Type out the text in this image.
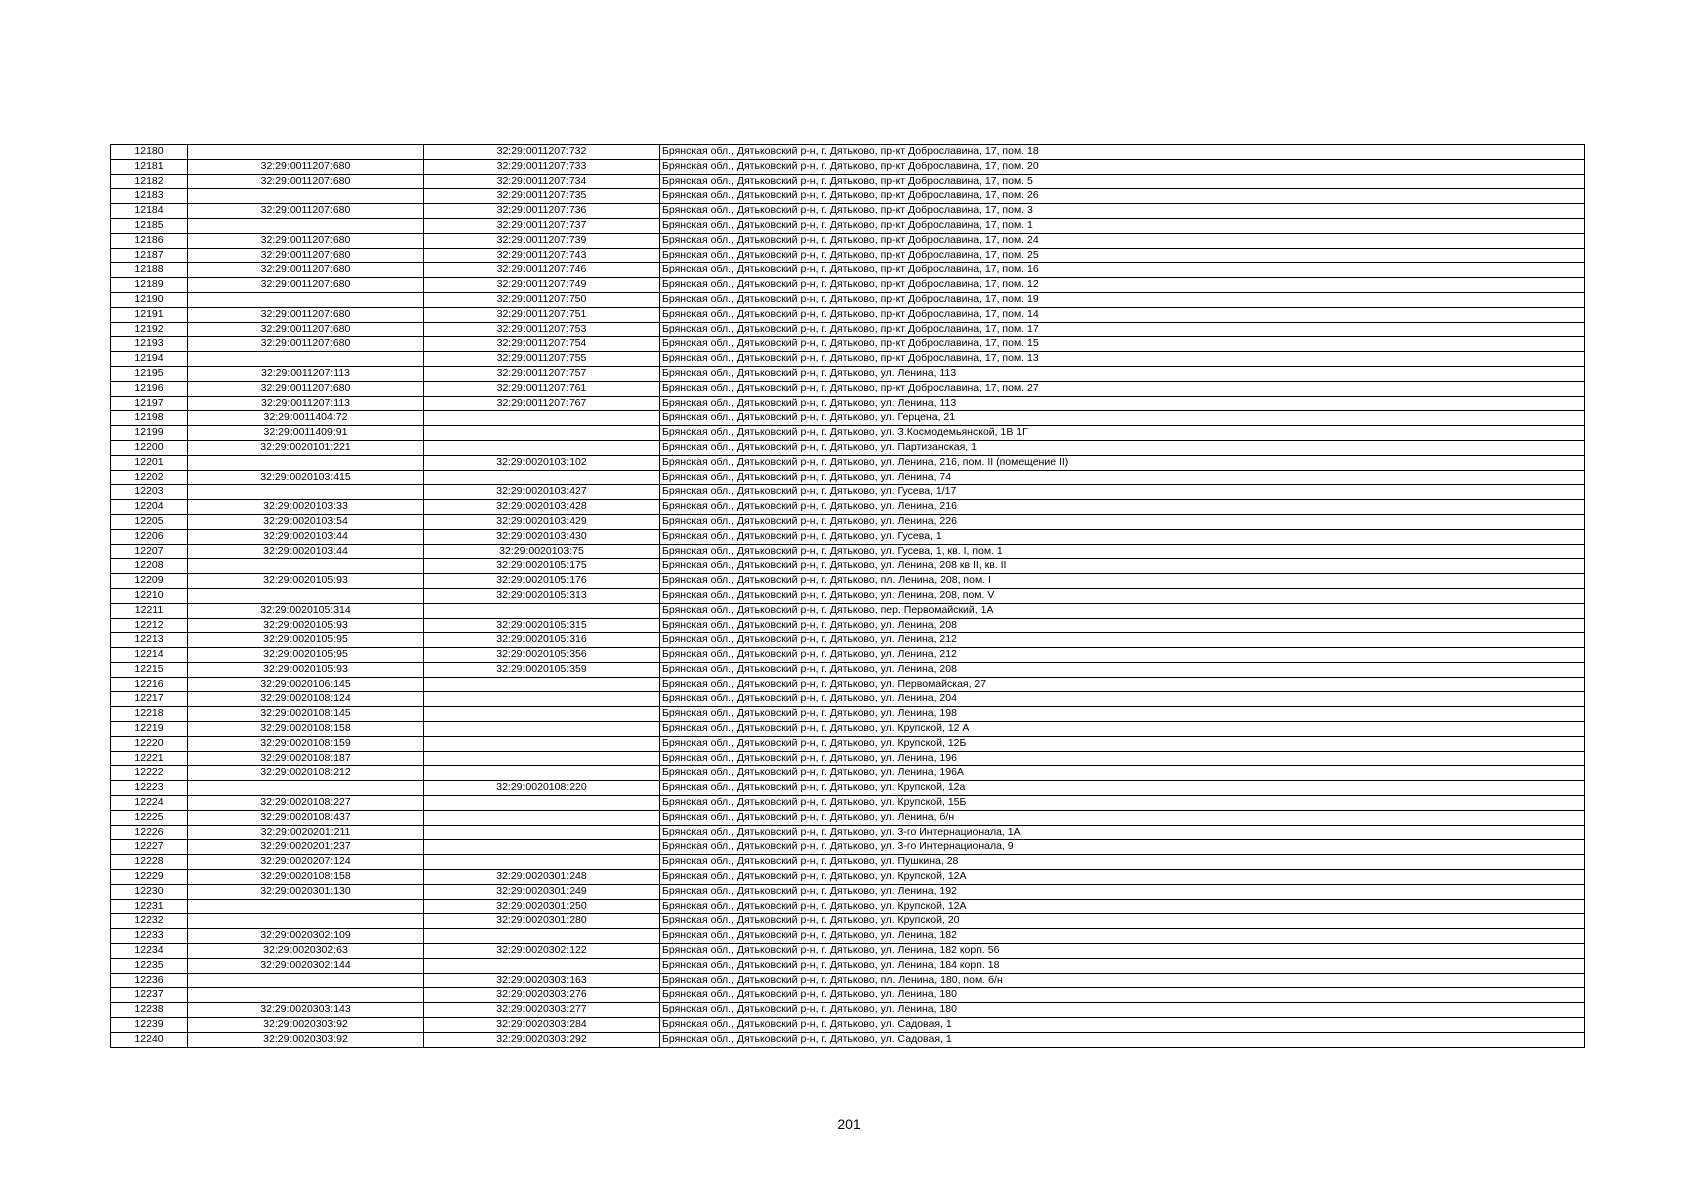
12180		32:29:0011207:732	Брянская обл., Дятьковский р-н, г. Дятьково, пр-кт Доброславина, 17, пом. 18
12181	32:29:0011207:680	32:29:0011207:733	Брянская обл., Дятьковский р-н, г. Дятьково, пр-кт Доброславина, 17, пом. 20
12182	32:29:0011207:680	32:29:0011207:734	Брянская обл., Дятьковский р-н, г. Дятьково, пр-кт Доброславина, 17, пом. 5
12183		32:29:0011207:735	Брянская обл., Дятьковский р-н, г. Дятьково, пр-кт Доброславина, 17, пом. 26
12184	32:29:0011207:680	32:29:0011207:736	Брянская обл., Дятьковский р-н, г. Дятьково, пр-кт Доброславина, 17, пом. 3
12185		32:29:0011207:737	Брянская обл., Дятьковский р-н, г. Дятьково, пр-кт Доброславина, 17, пом. 1
12186	32:29:0011207:680	32:29:0011207:739	Брянская обл., Дятьковский р-н, г. Дятьково, пр-кт Доброславина, 17, пом. 24
12187	32:29:0011207:680	32:29:0011207:743	Брянская обл., Дятьковский р-н, г. Дятьково, пр-кт Доброславина, 17, пом. 25
12188	32:29:0011207:680	32:29:0011207:746	Брянская обл., Дятьковский р-н, г. Дятьково, пр-кт Доброславина, 17, пом. 16
12189	32:29:0011207:680	32:29:0011207:749	Брянская обл., Дятьковский р-н, г. Дятьково, пр-кт Доброславина, 17, пом. 12
12190		32:29:0011207:750	Брянская обл., Дятьковский р-н, г. Дятьково, пр-кт Доброславина, 17, пом. 19
12191	32:29:0011207:680	32:29:0011207:751	Брянская обл., Дятьковский р-н, г. Дятьково, пр-кт Доброславина, 17, пом. 14
12192	32:29:0011207:680	32:29:0011207:753	Брянская обл., Дятьковский р-н, г. Дятьково, пр-кт Доброславина, 17, пом. 17
12193	32:29:0011207:680	32:29:0011207:754	Брянская обл., Дятьковский р-н, г. Дятьково, пр-кт Доброславина, 17, пом. 15
12194		32:29:0011207:755	Брянская обл., Дятьковский р-н, г. Дятьково, пр-кт Доброславина, 17, пом. 13
12195	32:29:0011207:113	32:29:0011207:757	Брянская обл., Дятьковский р-н, г. Дятьково, ул. Ленина, 113
12196	32:29:0011207:680	32:29:0011207:761	Брянская обл., Дятьковский р-н, г. Дятьково, пр-кт Доброславина, 17, пом. 27
12197	32:29:0011207:113	32:29:0011207:767	Брянская обл., Дятьковский р-н, г. Дятьково, ул. Ленина, 113
12198	32:29:0011404:72		Брянская обл., Дятьковский р-н, г. Дятьково, ул. Герцена, 21
12199	32:29:0011409:91		Брянская обл., Дятьковский р-н, г. Дятьково, ул. З.Космодемьянской, 1В 1Г
12200	32:29:0020101:221		Брянская обл., Дятьковский р-н, г. Дятьково, ул. Партизанская, 1
12201		32:29:0020103:102	Брянская обл., Дятьковский р-н, г. Дятьково, ул. Ленина, 216, пом. II (помещение II)
12202	32:29:0020103:415		Брянская обл., Дятьковский р-н, г. Дятьково, ул. Ленина, 74
12203		32:29:0020103:427	Брянская обл., Дятьковский р-н, г. Дятьково, ул. Гусева, 1/17
12204	32:29:0020103:33	32:29:0020103:428	Брянская обл., Дятьковский р-н, г. Дятьково, ул. Ленина, 216
12205	32:29:0020103:54	32:29:0020103:429	Брянская обл., Дятьковский р-н, г. Дятьково, ул. Ленина, 226
12206	32:29:0020103:44	32:29:0020103:430	Брянская обл., Дятьковский р-н, г. Дятьково, ул. Гусева, 1
12207	32:29:0020103:44	32:29:0020103:75	Брянская обл., Дятьковский р-н, г. Дятьково, ул. Гусева, 1, кв. I, пом. 1
12208		32:29:0020105:175	Брянская обл., Дятьковский р-н, г. Дятьково, ул. Ленина, 208 кв II, кв. II
12209	32:29:0020105:93	32:29:0020105:176	Брянская обл., Дятьковский р-н, г. Дятьково, пл. Ленина, 208, пом. I
12210		32:29:0020105:313	Брянская обл., Дятьковский р-н, г. Дятьково, ул. Ленина, 208, пом. V
12211	32:29:0020105:314		Брянская обл., Дятьковский р-н, г. Дятьково, пер. Первомайский, 1А
12212	32:29:0020105:93	32:29:0020105:315	Брянская обл., Дятьковский р-н, г. Дятьково, ул. Ленина, 208
12213	32:29:0020105:95	32:29:0020105:316	Брянская обл., Дятьковский р-н, г. Дятьково, ул. Ленина, 212
12214	32:29:0020105:95	32:29:0020105:356	Брянская обл., Дятьковский р-н, г. Дятьково, ул. Ленина, 212
12215	32:29:0020105:93	32:29:0020105:359	Брянская обл., Дятьковский р-н, г. Дятьково, ул. Ленина, 208
12216	32:29:0020106:145		Брянская обл., Дятьковский р-н, г. Дятьково, ул. Первомайская, 27
12217	32:29:0020108:124		Брянская обл., Дятьковский р-н, г. Дятьково, ул. Ленина, 204
12218	32:29:0020108:145		Брянская обл., Дятьковский р-н, г. Дятьково, ул. Ленина, 198
12219	32:29:0020108:158		Брянская обл., Дятьковский р-н, г. Дятьково, ул. Крупской, 12 А
12220	32:29:0020108:159		Брянская обл., Дятьковский р-н, г. Дятьково, ул. Крупской, 12Б
12221	32:29:0020108:187		Брянская обл., Дятьковский р-н, г. Дятьково, ул. Ленина, 196
12222	32:29:0020108:212		Брянская обл., Дятьковский р-н, г. Дятьково, ул. Ленина, 196А
12223		32:29:0020108:220	Брянская обл., Дятьковский р-н, г. Дятьково, ул. Крупской, 12а
12224	32:29:0020108:227		Брянская обл., Дятьковский р-н, г. Дятьково, ул. Крупской, 15Б
12225	32:29:0020108:437		Брянская обл., Дятьковский р-н, г. Дятьково, ул. Ленина, б/н
12226	32:29:0020201:211		Брянская обл., Дятьковский р-н, г. Дятьково, ул. 3-го Интернационала, 1А
12227	32:29:0020201:237		Брянская обл., Дятьковский р-н, г. Дятьково, ул. 3-го Интернационала, 9
12228	32:29:0020207:124		Брянская обл., Дятьковский р-н, г. Дятьково, ул. Пушкина, 28
12229	32:29:0020108:158	32:29:0020301:248	Брянская обл., Дятьковский р-н, г. Дятьково, ул. Крупской, 12А
12230	32:29:0020301:130	32:29:0020301:249	Брянская обл., Дятьковский р-н, г. Дятьково, ул. Ленина, 192
12231		32:29:0020301:250	Брянская обл., Дятьковский р-н, г. Дятьково, ул. Крупской, 12А
12232		32:29:0020301:280	Брянская обл., Дятьковский р-н, г. Дятьково, ул. Крупской, 20
12233	32:29:0020302:109		Брянская обл., Дятьковский р-н, г. Дятьково, ул. Ленина, 182
12234	32:29:0020302:63	32:29:0020302:122	Брянская обл., Дятьковский р-н, г. Дятьково, ул. Ленина, 182 корп. 56
12235	32:29:0020302:144		Брянская обл., Дятьковский р-н, г. Дятьково, ул. Ленина, 184 корп. 18
12236		32:29:0020303:163	Брянская обл., Дятьковский р-н, г. Дятьково, пл. Ленина, 180, пом. б/н
12237		32:29:0020303:276	Брянская обл., Дятьковский р-н, г. Дятьково, ул. Ленина, 180
12238	32:29:0020303:143	32:29:0020303:277	Брянская обл., Дятьковский р-н, г. Дятьково, ул. Ленина, 180
12239	32:29:0020303:92	32:29:0020303:284	Брянская обл., Дятьковский р-н, г. Дятьково, ул. Садовая, 1
12240	32:29:0020303:92	32:29:0020303:292	Брянская обл., Дятьковский р-н, г. Дятьково, ул. Садовая, 1
201
